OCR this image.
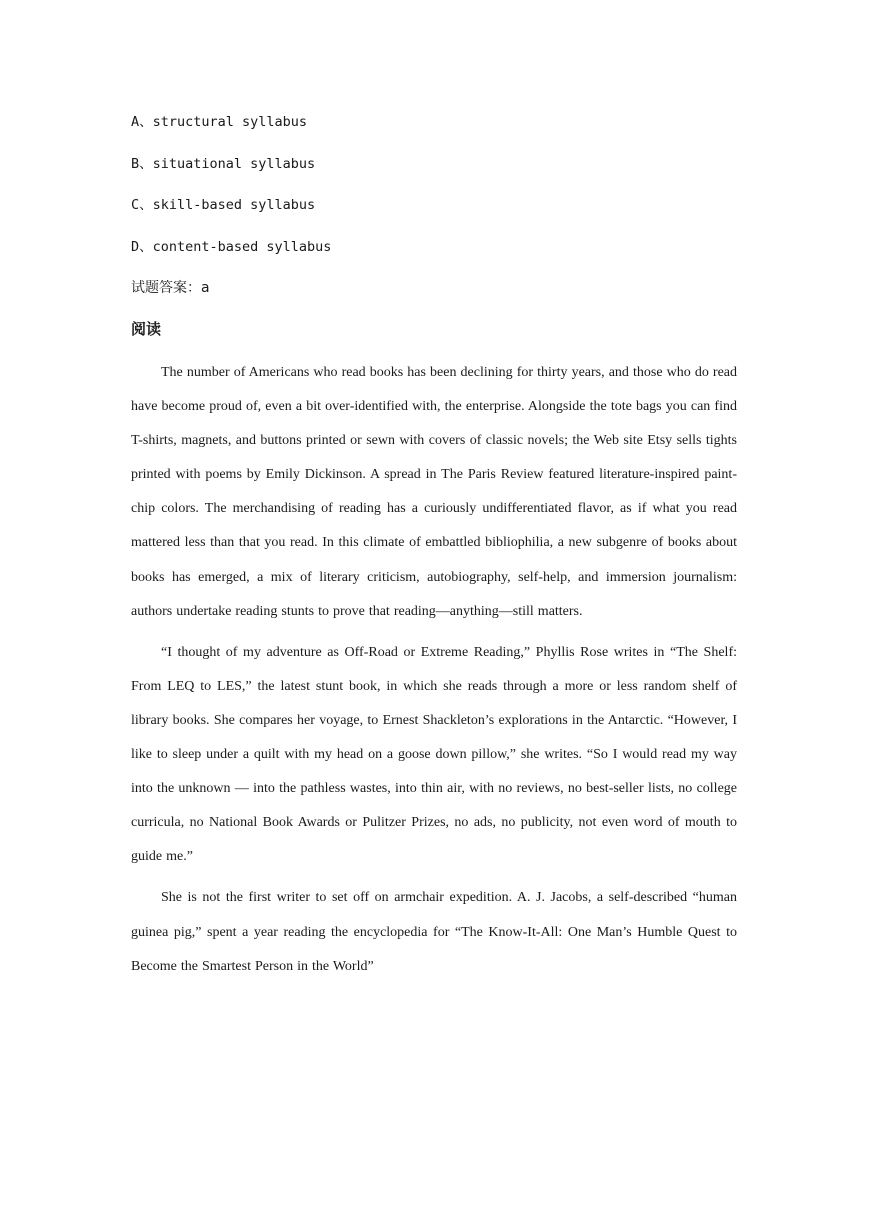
A、structural syllabus
B、situational syllabus
C、skill-based syllabus
D、content-based syllabus
试题答案：a
阅读

The number of Americans who read books has been declining for thirty years, and those who do read have become proud of, even a bit over-identified with, the enterprise. Alongside the tote bags you can find T-shirts, magnets, and buttons printed or sewn with covers of classic novels; the Web site Etsy sells tights printed with poems by Emily Dickinson. A spread in The Paris Review featured literature-inspired paint-chip colors. The merchandising of reading has a curiously undifferentiated flavor, as if what you read mattered less than that you read. In this climate of embattled bibliophilia, a new subgenre of books about books has emerged, a mix of literary criticism, autobiography, self-help, and immersion journalism: authors undertake reading stunts to prove that reading—anything—still matters.

“I thought of my adventure as Off-Road or Extreme Reading,” Phyllis Rose writes in “The Shelf: From LEQ to LES,” the latest stunt book, in which she reads through a more or less random shelf of library books. She compares her voyage, to Ernest Shackleton’s explorations in the Antarctic. “However, I like to sleep under a quilt with my head on a goose down pillow,” she writes. “So I would read my way into the unknown — into the pathless wastes, into thin air, with no reviews, no best-seller lists, no college curricula, no National Book Awards or Pulitzer Prizes, no ads, no publicity, not even word of mouth to guide me.”

She is not the first writer to set off on armchair expedition. A. J. Jacobs, a self-described “human guinea pig,” spent a year reading the encyclopedia for “The Know-It-All: One Man’s Humble Quest to Become the Smartest Person in the World”
